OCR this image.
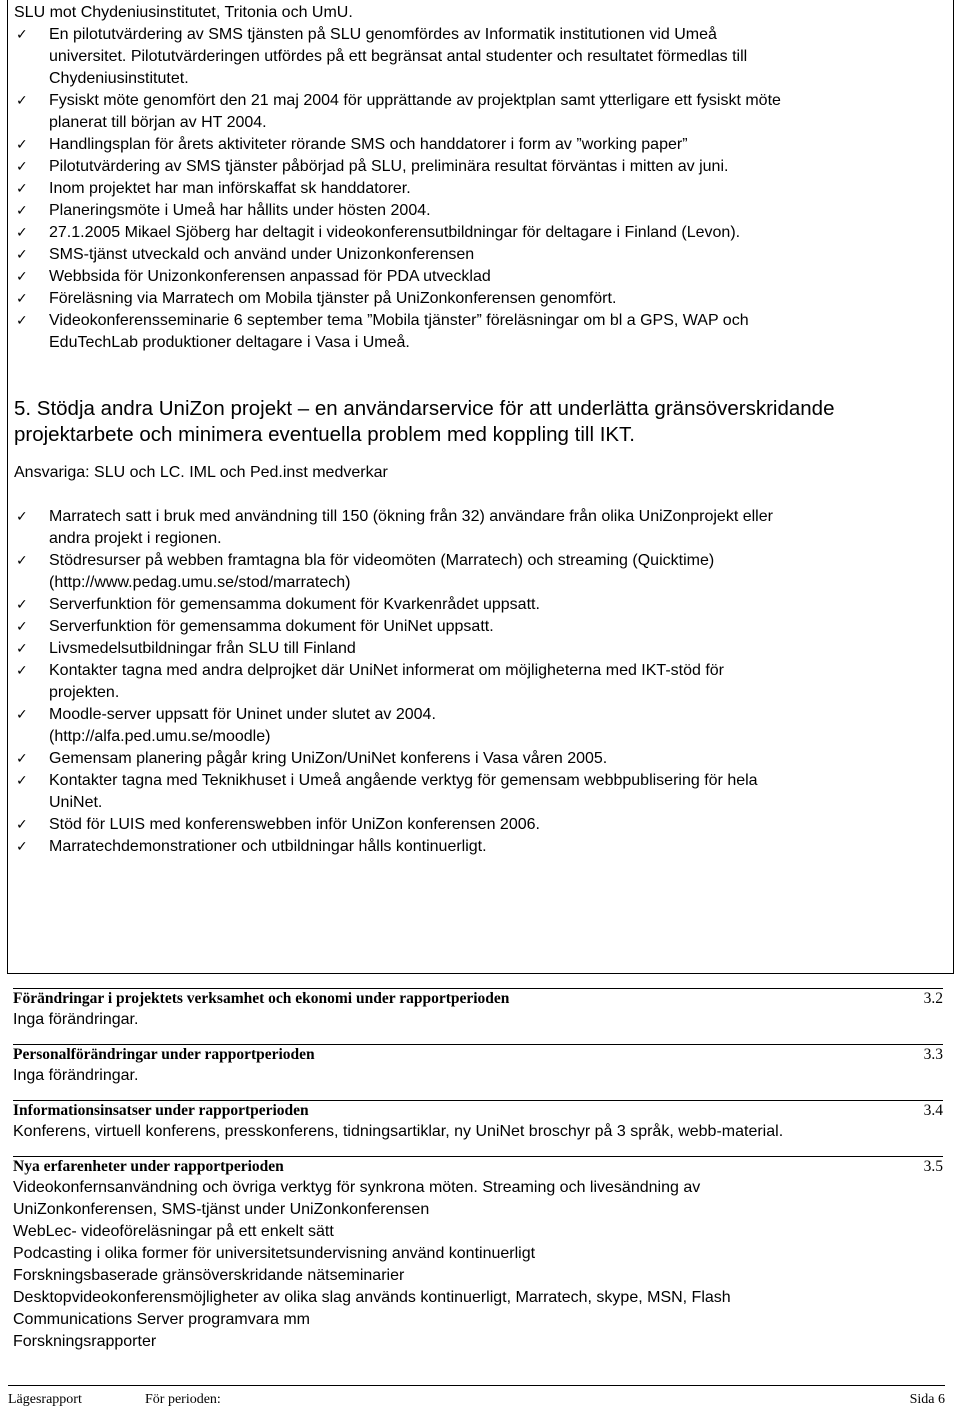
SLU mot Chydeniusinstitutet, Tritonia och UmU.

✓ En pilotutvärdering av SMS tjänsten på SLU genomfördes av Informatik institutionen vid Umeå

universitet. Pilotutvärderingen utfördes på ett begränsat antal studenter och resultatet förmedlas till

Chydeniusinstitutet.

✓ Fysiskt möte genomfört den 21 maj 2004 för upprättande av projektplan samt ytterligare ett fysiskt möte

planerat till början av HT 2004.

✓ Handlingsplan för årets aktiviteter rörande SMS och handdatorer i form av ”working paper”

✓ Pilotutvärdering av SMS tjänster påbörjad på SLU, preliminära resultat förväntas i mitten av juni.

✓ Inom projektet har man införskaffat sk handdatorer.

✓ Planeringsmöte i Umeå har hållits under hösten 2004.

✓ 27.1.2005 Mikael Sjöberg har deltagit i videokonferensutbildningar för deltagare i Finland (Levon).

✓ SMS-tjänst utveckald och använd under Unizonkonferensen

✓ Webbsida för Unizonkonferensen anpassad för PDA utvecklad

✓ Föreläsning via Marratech om Mobila tjänster på UniZonkonferensen genomfört.

✓ Videokonferensseminarie 6 september tema ”Mobila tjänster” föreläsningar om bl a GPS, WAP och

EduTechLab produktioner deltagare i Vasa i Umeå.

5. Stödja andra UniZon projekt – en användarservice för att underlätta gränsöverskridande

projektarbete och minimera eventuella problem med koppling till IKT.

Ansvariga: SLU och LC. IML och Ped.inst medverkar

✓ Marratech satt i bruk med användning till 150 (ökning från 32) användare från olika UniZonprojekt eller

andra projekt i regionen.

✓ Stödresurser på webben framtagna bla för videomöten (Marratech) och streaming (Quicktime)

(http://www.pedag.umu.se/stod/marratech)

✓ Serverfunktion för gemensamma dokument för Kvarkenrådet uppsatt.

✓ Serverfunktion för gemensamma dokument för UniNet uppsatt.

✓ Livsmedelsutbildningar från SLU till Finland

✓ Kontakter tagna med andra delprojket där UniNet informerat om möjligheterna med IKT-stöd för

projekten.

✓ Moodle-server uppsatt för Uninet under slutet av 2004.

(http://alfa.ped.umu.se/moodle)

✓ Gemensam planering pågår kring UniZon/UniNet konferens i Vasa våren 2005.

✓ Kontakter tagna med Teknikhuset i Umeå angående verktyg för gemensam webbpublisering för hela

UniNet.

✓ Stöd för LUIS med konferenswebben inför UniZon konferensen 2006.

✓ Marratechdemonstrationer och utbildningar hålls kontinuerligt.

Förändringar i projektets verksamhet och ekonomi under rapportperioden	3.2
Inga förändringar.
Personalförändringar under rapportperioden	3.3
Inga förändringar.
Informationsinsatser under rapportperioden	3.4
Konferens, virtuell konferens, presskonferens, tidningsartiklar, ny UniNet broschyr på 3 språk, webb-material.
Nya erfarenheter under rapportperioden	3.5
Videokonfernsanvändning och övriga verktyg för synkrona möten. Streaming och livesändning av
UniZonkonferensen, SMS-tjänst under UniZonkonferensen
WebLec- videoföreläsningar på ett enkelt sätt
Podcasting i olika former för universitetsundervisning använd kontinuerligt
Forskningsbaserade gränsöverskridande nätseminarier
Desktopvideokonferensmöjligheter av olika slag används kontinuerligt, Marratech, skype, MSN, Flash
Communications Server programvara mm
Forskningsrapporter
Lägesrapport	För perioden:	Sida 6
